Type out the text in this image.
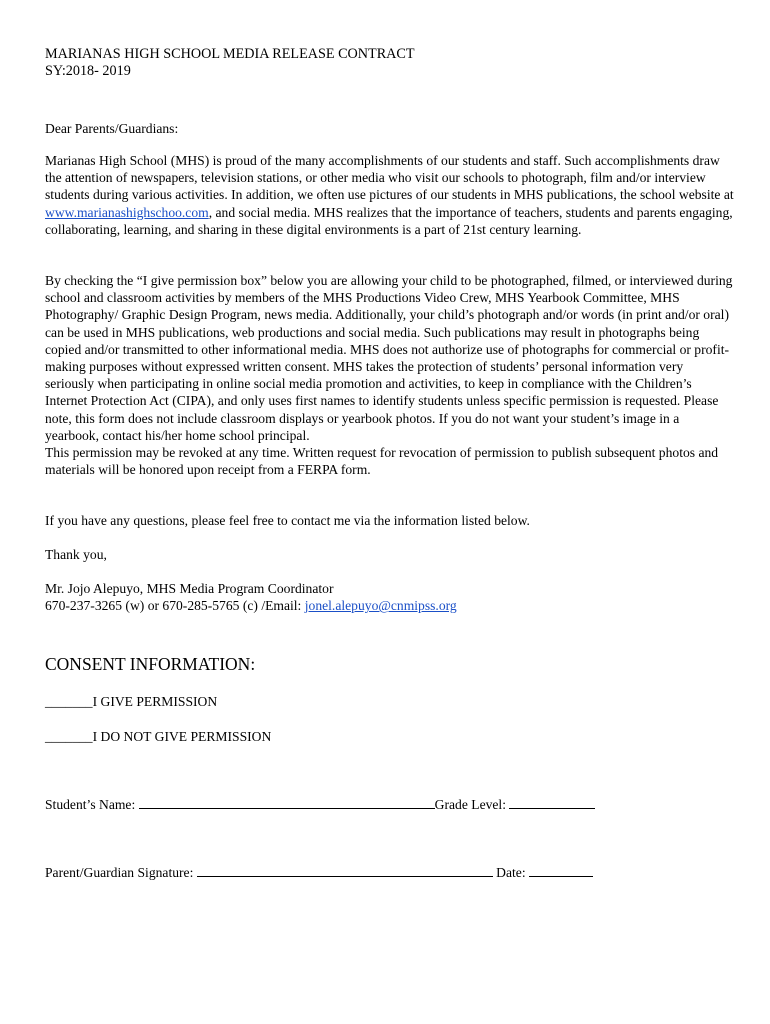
MARIANAS HIGH SCHOOL MEDIA RELEASE CONTRACT
SY:2018- 2019

Dear Parents/Guardians:

Marianas High School (MHS) is proud of the many accomplishments of our students and staff. Such accomplishments draw the attention of newspapers, television stations, or other media who visit our schools to photograph, film and/or interview students during various activities. In addition, we often use pictures of our students in MHS publications, the school website at www.marianashighschoo.com, and social media. MHS realizes that the importance of teachers, students and parents engaging, collaborating, learning, and sharing in these digital environments is a part of 21st century learning.

By checking the “I give permission box” below you are allowing your child to be photographed, filmed, or interviewed during school and classroom activities by members of the MHS Productions Video Crew, MHS Yearbook Committee, MHS Photography/ Graphic Design Program, news media. Additionally, your child’s photograph and/or words (in print and/or oral) can be used in MHS publications, web productions and social media. Such publications may result in photographs being copied and/or transmitted to other informational media. MHS does not authorize use of photographs for commercial or profit-making purposes without expressed written consent. MHS takes the protection of students’ personal information very seriously when participating in online social media promotion and activities, to keep in compliance with the Children’s Internet Protection Act (CIPA), and only uses first names to identify students unless specific permission is requested. Please note, this form does not include classroom displays or yearbook photos. If you do not want your student’s image in a yearbook, contact his/her home school principal.
This permission may be revoked at any time. Written request for revocation of permission to publish subsequent photos and materials will be honored upon receipt from a FERPA form.

If you have any questions, please feel free to contact me via the information listed below.

Thank you,

Mr. Jojo Alepuyo, MHS Media Program Coordinator
670-237-3265 (w) or 670-285-5765 (c) /Email: jonel.alepuyo@cnmipss.org

CONSENT INFORMATION:

_______I GIVE PERMISSION

_______I DO NOT GIVE PERMISSION

Student’s Name:	Grade Level:

Parent/Guardian Signature:	Date:
